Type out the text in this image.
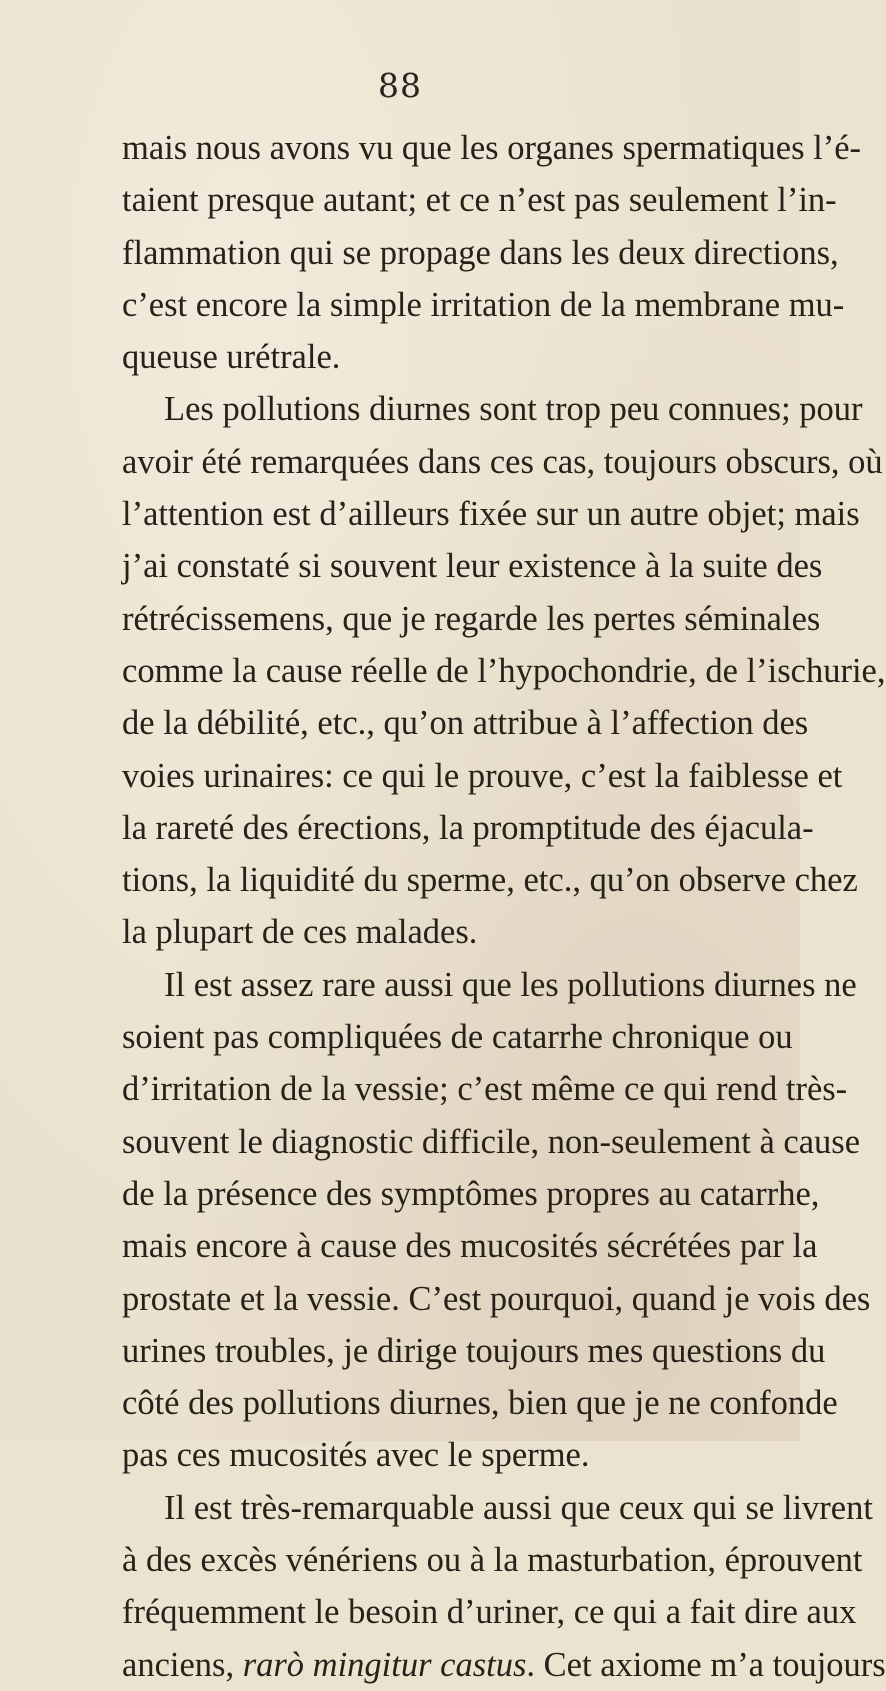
88
mais nous avons vu que les organes spermatiques l’é-
taient presque autant; et ce n’est pas seulement l’in-
flammation qui se propage dans les deux directions,
c’est encore la simple irritation de la membrane mu-
queuse urétrale.
Les pollutions diurnes sont trop peu connues; pour
avoir été remarquées dans ces cas, toujours obscurs, où
l’attention est d’ailleurs fixée sur un autre objet; mais
j’ai constaté si souvent leur existence à la suite des
rétrécissemens, que je regarde les pertes séminales
comme la cause réelle de l’hypochondrie, de l’ischurie,
de la débilité, etc., qu’on attribue à l’affection des
voies urinaires: ce qui le prouve, c’est la faiblesse et
la rareté des érections, la promptitude des éjacula-
tions, la liquidité du sperme, etc., qu’on observe chez
la plupart de ces malades.
Il est assez rare aussi que les pollutions diurnes ne
soient pas compliquées de catarrhe chronique ou
d’irritation de la vessie; c’est même ce qui rend très-
souvent le diagnostic difficile, non-seulement à cause
de la présence des symptômes propres au catarrhe,
mais encore à cause des mucosités sécrétées par la
prostate et la vessie. C’est pourquoi, quand je vois des
urines troubles, je dirige toujours mes questions du
côté des pollutions diurnes, bien que je ne confonde
pas ces mucosités avec le sperme.
Il est très-remarquable aussi que ceux qui se livrent
à des excès vénériens ou à la masturbation, éprouvent
fréquemment le besoin d’uriner, ce qui a fait dire aux
anciens, rarò mingitur castus. Cet axiome m’a toujours
